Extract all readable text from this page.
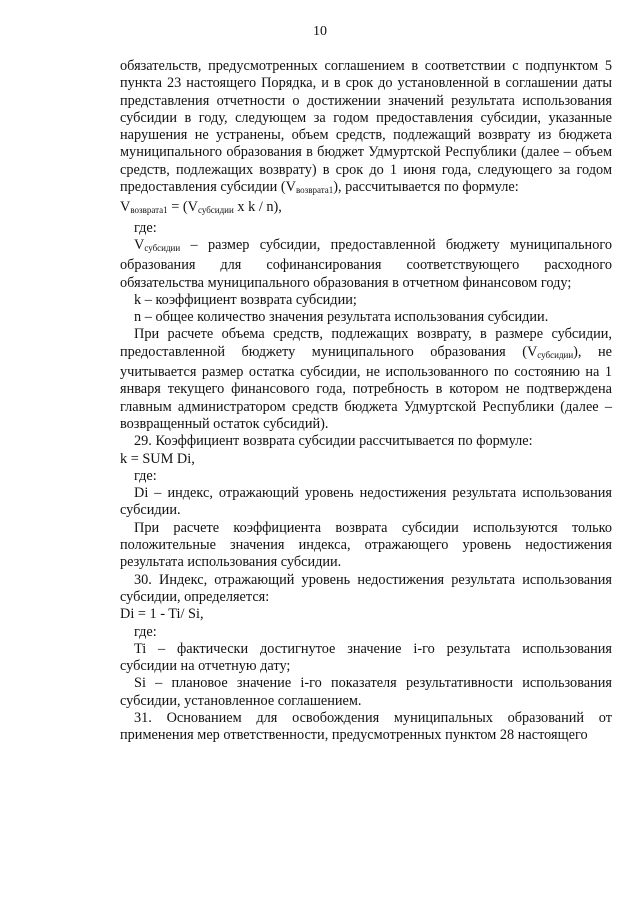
10

обязательств, предусмотренных соглашением в соответствии с подпунктом 5 пункта 23 настоящего Порядка, и в срок до установленной в соглашении даты представления отчетности о достижении значений результата использования субсидии в году, следующем за годом предоставления субсидии, указанные нарушения не устранены, объем средств, подлежащий возврату из бюджета муниципального образования в бюджет Удмуртской Республики (далее – объем средств, подлежащих возврату) в срок до 1 июня года, следующего за годом предоставления субсидии $(V_{возврата1})$, рассчитывается по формуле:

$V_{возврата1} = (V_{субсидии}$ x k / n),

где:

$V_{субсидии}$ – размер субсидии, предоставленной бюджету муниципального образования для софинансирования соответствующего расходного обязательства муниципального образования в отчетном финансовом году;

k – коэффициент возврата субсидии;

n – общее количество значения результата использования субсидии.

При расчете объема средств, подлежащих возврату, в размере субсидии, предоставленной бюджету муниципального образования $(V_{субсидии})$, не учитывается размер остатка субсидии, не использованного по состоянию на 1 января текущего финансового года, потребность в котором не подтверждена главным администратором средств бюджета Удмуртской Республики (далее – возвращенный остаток субсидий).

29. Коэффициент возврата субсидии рассчитывается по формуле:

k = SUM Di,

где:

Di – индекс, отражающий уровень недостижения результата использования субсидии.

При расчете коэффициента возврата субсидии используются только положительные значения индекса, отражающего уровень недостижения результата использования субсидии.

30. Индекс, отражающий уровень недостижения результата использования субсидии, определяется:

Di = 1 - Ti/ Si,

где:

Ti – фактически достигнутое значение i-го результата использования субсидии на отчетную дату;

Si – плановое значение i-го показателя результативности использования субсидии, установленное соглашением.

31. Основанием для освобождения муниципальных образований от применения мер ответственности, предусмотренных пунктом 28 настоящего
